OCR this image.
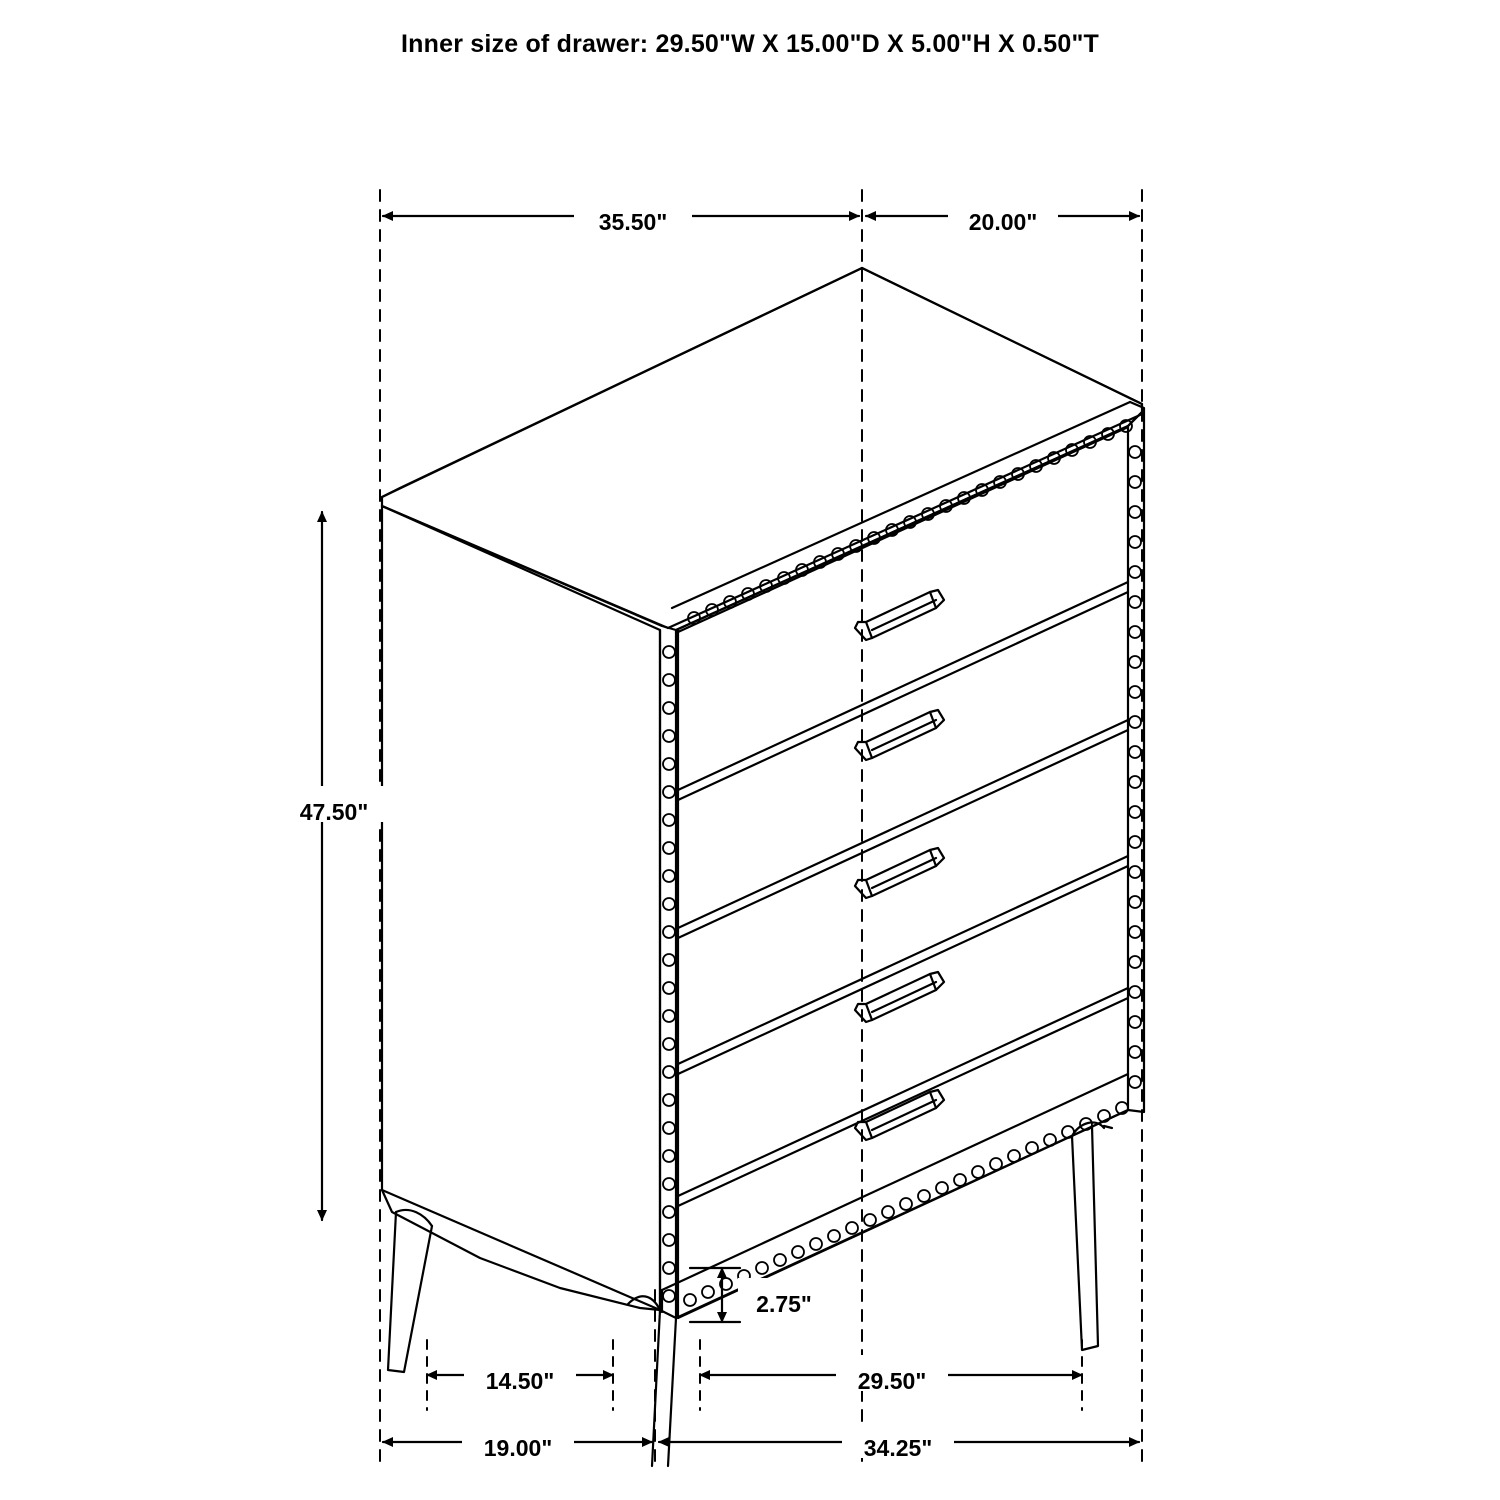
Inner size of drawer: 29.50"W X 15.00"D X 5.00"H X 0.50"T
35.50"	20.00"
47.50"
2.75"
14.50"	29.50"
19.00"	34.25"
